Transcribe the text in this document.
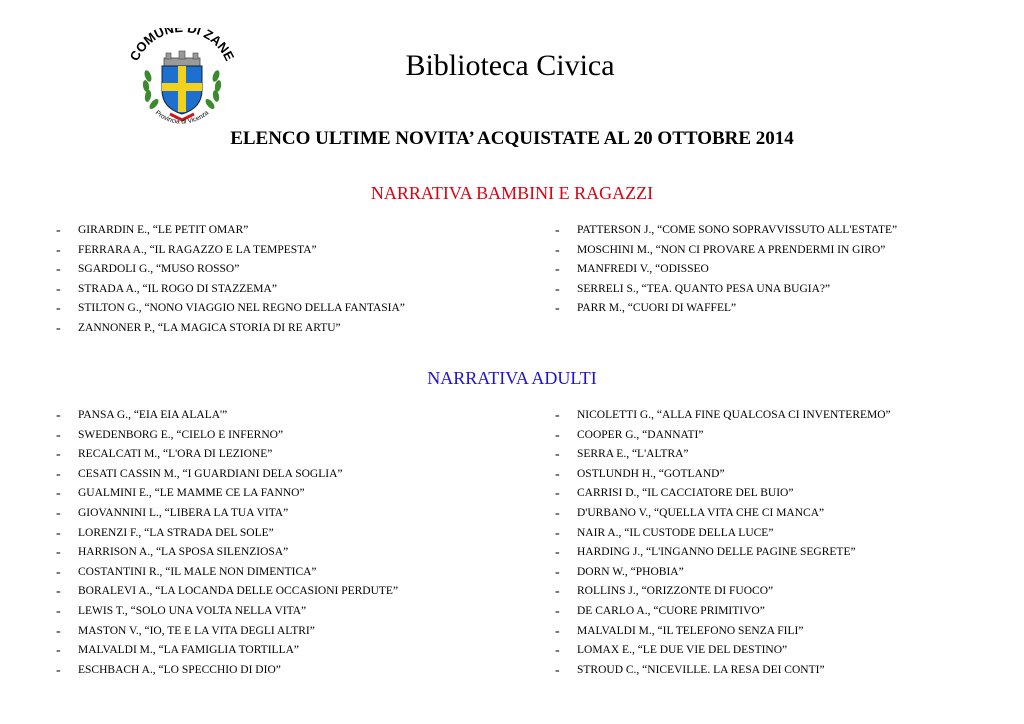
COMUN DI ZANE
Provincia di Vicenza
Biblioteca Civica
ELENCO ULTIME NOVITA’ ACQUISTATE AL 20 OTTOBRE 2014
NARRATIVA BAMBINI E RAGAZZI
- GIRARDIN E., “LE PETIT OMAR”
- FERRARA A., “IL RAGAZZO E LA TEMPESTA”
- SGARDOLI G., “MUSO ROSSO”
- STRADA A., “IL ROGO DI STAZZEMA”
- STILTON G., “NONO VIAGGIO NEL REGNO DELLA FANTASIA”
- ZANNONER P., “LA MAGICA STORIA DI RE ARTU”
- PATTERSON J., “COME SONO SOPRAVVISSUTO ALL'ESTATE”
- MOSCHINI M., “NON CI PROVARE A PRENDERMI IN GIRO”
- MANFREDI V., “ODISSEO
- SERRELI S., “TEA. QUANTO PESA UNA BUGIA?”
- PARR M., “CUORI DI WAFFEL”
NARRATIVA ADULTI
- PANSA G., “EIA EIA ALALA'”
- SWEDENBORG E., “CIELO E INFERNO”
- RECALCATI M., “L'ORA DI LEZIONE”
- CESATI CASSIN M., “I GUARDIANI DELA SOGLIA”
- GUALMINI E., “LE MAMME CE LA FANNO”
- GIOVANNINI L., “LIBERA LA TUA VITA”
- LORENZI F., “LA STRADA DEL SOLE”
- HARRISON A., “LA SPOSA SILENZIOSA”
- COSTANTINI R., “IL MALE NON DIMENTICA”
- BORALEVI A., “LA LOCANDA DELLE OCCASIONI PERDUTE”
- LEWIS T., “SOLO UNA VOLTA NELLA VITA”
- MASTON V., “IO, TE E LA VITA DEGLI ALTRI”
- MALVALDI M., “LA FAMIGLIA TORTILLA”
- ESCHBACH A., “LO SPECCHIO DI DIO”
- NICOLETTI G., “ALLA FINE QUALCOSA CI INVENTEREMO”
- COOPER G., “DANNATI”
- SERRA E., “L'ALTRA”
- OSTLUNDH H., “GOTLAND”
- CARRISI D., “IL CACCIATORE DEL BUIO”
- D'URBANO V., “QUELLA VITA CHE CI MANCA”
- NAIR A., “IL CUSTODE DELLA LUCE”
- HARDING J., “L'INGANNO DELLE PAGINE SEGRETE”
- DORN W., “PHOBIA”
- ROLLINS J., “ORIZZONTE DI FUOCO”
- DE CARLO A., “CUORE PRIMITIVO”
- MALVALDI M., “IL TELEFONO SENZA FILI”
- LOMAX E., “LE DUE VIE DEL DESTINO”
- STROUD C., “NICEVILLE. LA RESA DEI CONTI”
